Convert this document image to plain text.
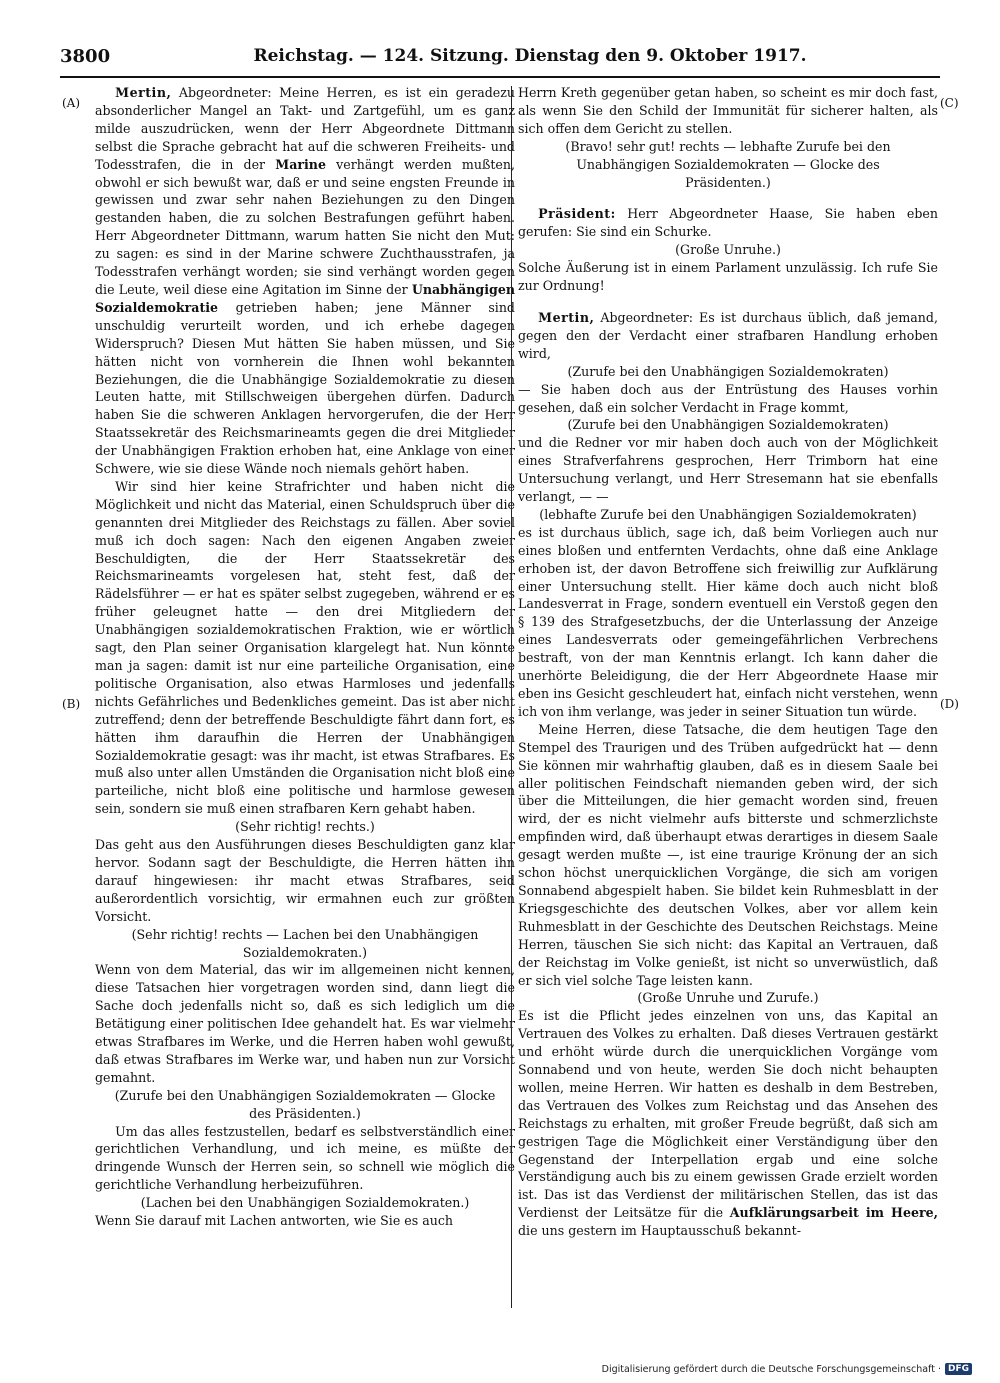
3800	Reichstag. — 124. Sitzung. Dienstag den 9. Oktober 1917.
(A)
(B)
(C)
(D)

Mertin, Abgeordneter: Meine Herren, es ist ein geradezu absonderlicher Mangel an Takt- und Zartgefühl, um es ganz milde auszudrücken, wenn der Herr Abgeordnete Dittmann selbst die Sprache gebracht hat auf die schweren Freiheits- und Todesstrafen, die in der Marine verhängt werden mußten, obwohl er sich bewußt war, daß er und seine engsten Freunde in gewissen und zwar sehr nahen Beziehungen zu den Dingen gestanden haben, die zu solchen Bestrafungen geführt haben. Herr Abgeordneter Dittmann, warum hatten Sie nicht den Mut: zu sagen: es sind in der Marine schwere Zuchthausstrafen, ja Todesstrafen verhängt worden; sie sind verhängt worden gegen die Leute, weil diese eine Agitation im Sinne der Unabhängigen Sozialdemokratie getrieben haben; jene Männer sind unschuldig verurteilt worden, und ich erhebe dagegen Widerspruch? Diesen Mut hätten Sie haben müssen, und Sie hätten nicht von vornherein die Ihnen wohl bekannten Beziehungen, die die Unabhängige Sozialdemokratie zu diesen Leuten hatte, mit Stillschweigen übergehen dürfen. Dadurch haben Sie die schweren Anklagen hervorgerufen, die der Herr Staatssekretär des Reichsmarineamts gegen die drei Mitglieder der Unabhängigen Fraktion erhoben hat, eine Anklage von einer Schwere, wie sie diese Wände noch niemals gehört haben.

Wir sind hier keine Strafrichter und haben nicht die Möglichkeit und nicht das Material, einen Schuldspruch über die genannten drei Mitglieder des Reichstags zu fällen. Aber soviel muß ich doch sagen: Nach den eigenen Angaben zweier Beschuldigten, die der Herr Staatssekretär des Reichsmarineamts vorgelesen hat, steht fest, daß der Rädelsführer — er hat es später selbst zugegeben, während er es früher geleugnet hatte — den drei Mitgliedern der Unabhängigen sozialdemokratischen Fraktion, wie er wörtlich sagt, den Plan seiner Organisation klargelegt hat. Nun könnte man ja sagen: damit ist nur eine parteiliche Organisation, eine politische Organisation, also etwas Harmloses und jedenfalls nichts Gefährliches und Bedenkliches gemeint. Das ist aber nicht zutreffend; denn der betreffende Beschuldigte fährt dann fort, es hätten ihm daraufhin die Herren der Unabhängigen Sozialdemokratie gesagt: was ihr macht, ist etwas Strafbares. Es muß also unter allen Umständen die Organisation nicht bloß eine parteiliche, nicht bloß eine politische und harmlose gewesen sein, sondern sie muß einen strafbaren Kern gehabt haben.

(Sehr richtig! rechts.)

Das geht aus den Ausführungen dieses Beschuldigten ganz klar hervor. Sodann sagt der Beschuldigte, die Herren hätten ihn darauf hingewiesen: ihr macht etwas Strafbares, seid außerordentlich vorsichtig, wir ermahnen euch zur größten Vorsicht.

(Sehr richtig! rechts — Lachen bei den Unabhängigen Sozialdemokraten.)

Wenn von dem Material, das wir im allgemeinen nicht kennen, diese Tatsachen hier vorgetragen worden sind, dann liegt die Sache doch jedenfalls nicht so, daß es sich lediglich um die Betätigung einer politischen Idee gehandelt hat. Es war vielmehr etwas Strafbares im Werke, und die Herren haben wohl gewußt, daß etwas Strafbares im Werke war, und haben nun zur Vorsicht gemahnt.

(Zurufe bei den Unabhängigen Sozialdemokraten — Glocke des Präsidenten.)

Um das alles festzustellen, bedarf es selbstverständlich einer gerichtlichen Verhandlung, und ich meine, es müßte der dringende Wunsch der Herren sein, so schnell wie möglich die gerichtliche Verhandlung herbeizuführen.

(Lachen bei den Unabhängigen Sozialdemokraten.)

Wenn Sie darauf mit Lachen antworten, wie Sie es auch

Herrn Kreth gegenüber getan haben, so scheint es mir doch fast, als wenn Sie den Schild der Immunität für sicherer halten, als sich offen dem Gericht zu stellen.

(Bravo! sehr gut! rechts — lebhafte Zurufe bei den Unabhängigen Sozialdemokraten — Glocke des Präsidenten.)

Präsident: Herr Abgeordneter Haase, Sie haben eben gerufen: Sie sind ein Schurke.

(Große Unruhe.)

Solche Äußerung ist in einem Parlament unzulässig. Ich rufe Sie zur Ordnung!

Mertin, Abgeordneter: Es ist durchaus üblich, daß jemand, gegen den der Verdacht einer strafbaren Handlung erhoben wird,

(Zurufe bei den Unabhängigen Sozialdemokraten)

— Sie haben doch aus der Entrüstung des Hauses vorhin gesehen, daß ein solcher Verdacht in Frage kommt,

(Zurufe bei den Unabhängigen Sozialdemokraten)

und die Redner vor mir haben doch auch von der Möglichkeit eines Strafverfahrens gesprochen, Herr Trimborn hat eine Untersuchung verlangt, und Herr Stresemann hat sie ebenfalls verlangt, — —

(lebhafte Zurufe bei den Unabhängigen Sozialdemokraten)

es ist durchaus üblich, sage ich, daß beim Vorliegen auch nur eines bloßen und entfernten Verdachts, ohne daß eine Anklage erhoben ist, der davon Betroffene sich freiwillig zur Aufklärung einer Untersuchung stellt. Hier käme doch auch nicht bloß Landesverrat in Frage, sondern eventuell ein Verstoß gegen den § 139 des Strafgesetzbuchs, der die Unterlassung der Anzeige eines Landesverrats oder gemeingefährlichen Verbrechens bestraft, von der man Kenntnis erlangt. Ich kann daher die unerhörte Beleidigung, die der Herr Abgeordnete Haase mir eben ins Gesicht geschleudert hat, einfach nicht verstehen, wenn ich von ihm verlange, was jeder in seiner Situation tun würde.

Meine Herren, diese Tatsache, die dem heutigen Tage den Stempel des Traurigen und des Trüben aufgedrückt hat — denn Sie können mir wahrhaftig glauben, daß es in diesem Saale bei aller politischen Feindschaft niemanden geben wird, der sich über die Mitteilungen, die hier gemacht worden sind, freuen wird, der es nicht vielmehr aufs bitterste und schmerzlichste empfinden wird, daß überhaupt etwas derartiges in diesem Saale gesagt werden mußte —, ist eine traurige Krönung der an sich schon höchst unerquicklichen Vorgänge, die sich am vorigen Sonnabend abgespielt haben. Sie bildet kein Ruhmesblatt in der Kriegsgeschichte des deutschen Volkes, aber vor allem kein Ruhmesblatt in der Geschichte des Deutschen Reichstags. Meine Herren, täuschen Sie sich nicht: das Kapital an Vertrauen, daß der Reichstag im Volke genießt, ist nicht so unverwüstlich, daß er sich viel solche Tage leisten kann.

(Große Unruhe und Zurufe.)

Es ist die Pflicht jedes einzelnen von uns, das Kapital an Vertrauen des Volkes zu erhalten. Daß dieses Vertrauen gestärkt und erhöht würde durch die unerquicklichen Vorgänge vom Sonnabend und von heute, werden Sie doch nicht behaupten wollen, meine Herren. Wir hatten es deshalb in dem Bestreben, das Vertrauen des Volkes zum Reichstag und das Ansehen des Reichstags zu erhalten, mit großer Freude begrüßt, daß sich am gestrigen Tage die Möglichkeit einer Verständigung über den Gegenstand der Interpellation ergab und eine solche Verständigung auch bis zu einem gewissen Grade erzielt worden ist. Das ist das Verdienst der militärischen Stellen, das ist das Verdienst der Leitsätze für die Aufklärungsarbeit im Heere, die uns gestern im Hauptausschuß bekannt-

Digitalisierung gefördert durch die Deutsche Forschungsgemeinschaft · DFG
